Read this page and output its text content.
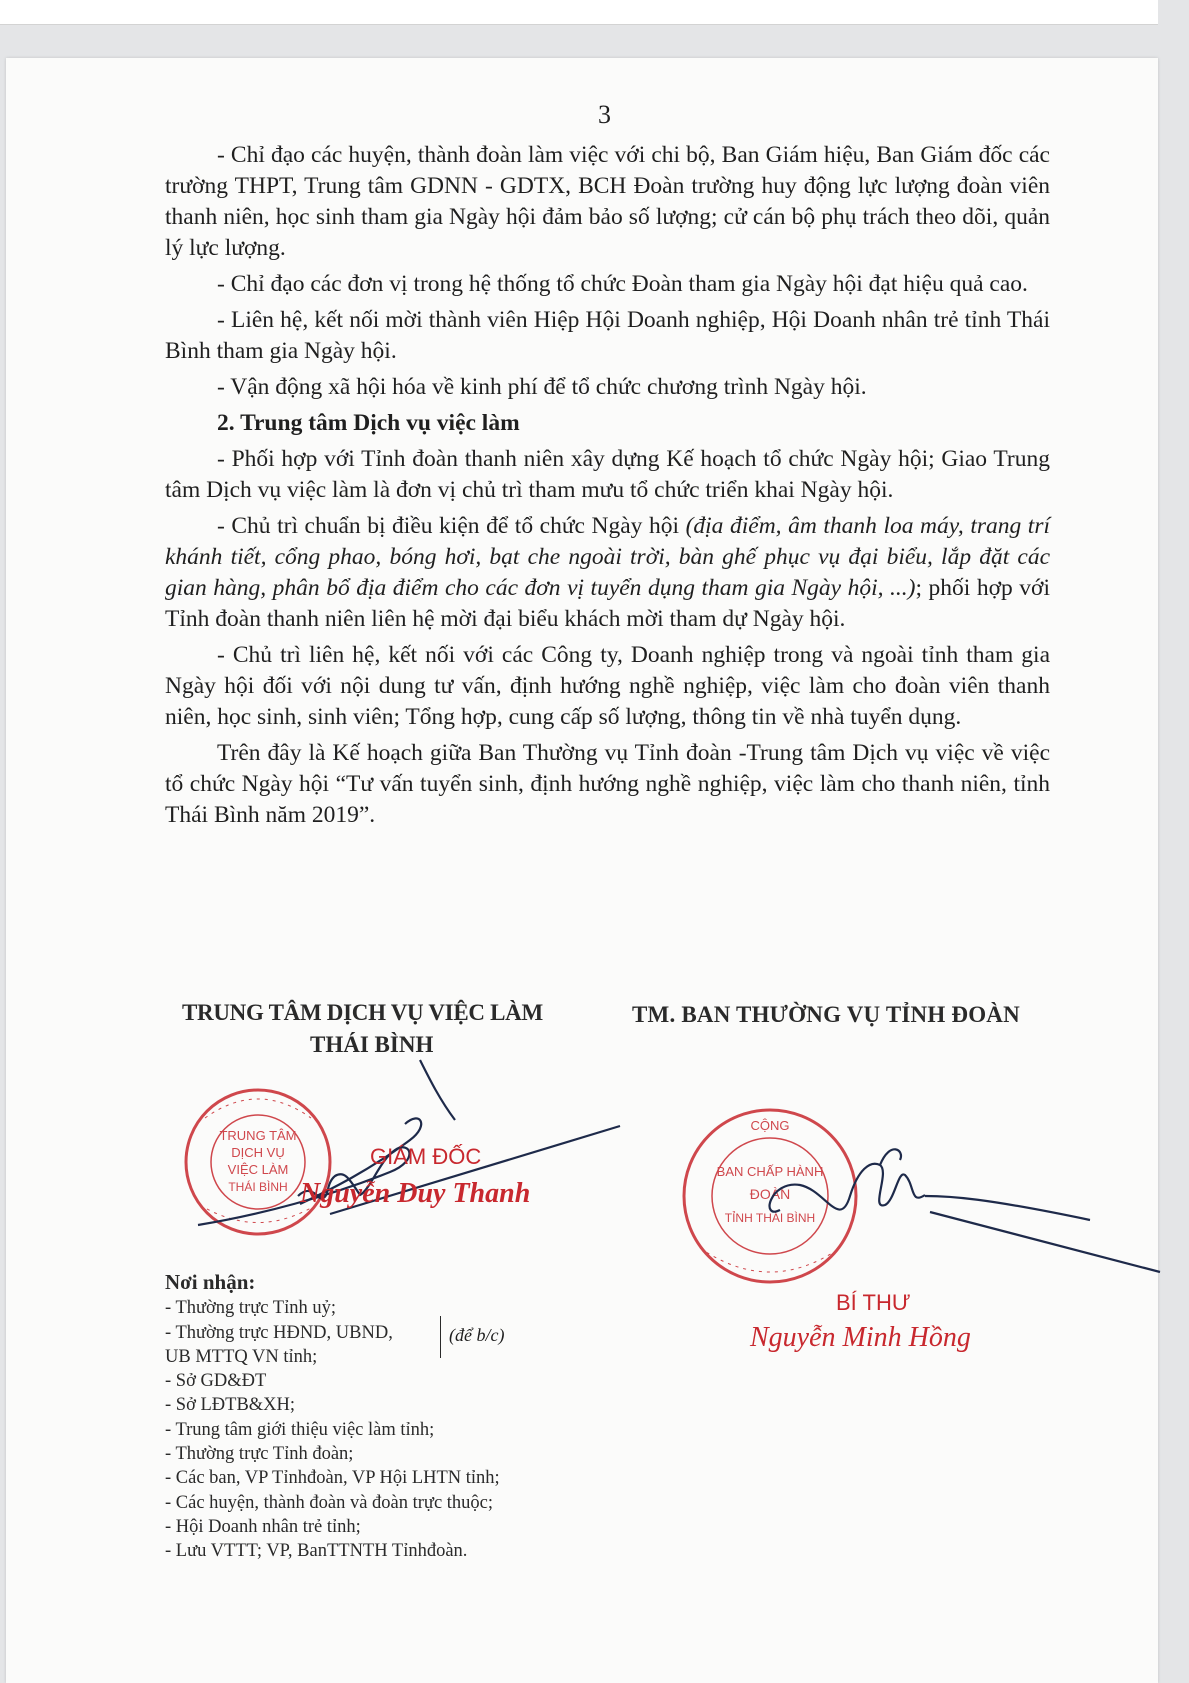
3

- Chỉ đạo các huyện, thành đoàn làm việc với chi bộ, Ban Giám hiệu, Ban Giám đốc các trường THPT, Trung tâm GDNN - GDTX, BCH Đoàn trường huy động lực lượng đoàn viên thanh niên, học sinh tham gia Ngày hội đảm bảo số lượng; cử cán bộ phụ trách theo dõi, quản lý lực lượng.

- Chỉ đạo các đơn vị trong hệ thống tổ chức Đoàn tham gia Ngày hội đạt hiệu quả cao.

- Liên hệ, kết nối mời thành viên Hiệp Hội Doanh nghiệp, Hội Doanh nhân trẻ tỉnh Thái Bình tham gia Ngày hội.

- Vận động xã hội hóa về kinh phí để tổ chức chương trình Ngày hội.

2. Trung tâm Dịch vụ việc làm

- Phối hợp với Tỉnh đoàn thanh niên xây dựng Kế hoạch tổ chức Ngày hội; Giao Trung tâm Dịch vụ việc làm là đơn vị chủ trì tham mưu tổ chức triển khai Ngày hội.

- Chủ trì chuẩn bị điều kiện để tổ chức Ngày hội (địa điểm, âm thanh loa máy, trang trí khánh tiết, cổng phao, bóng hơi, bạt che ngoài trời, bàn ghế phục vụ đại biểu, lắp đặt các gian hàng, phân bổ địa điểm cho các đơn vị tuyển dụng tham gia Ngày hội, ...); phối hợp với Tỉnh đoàn thanh niên liên hệ mời đại biểu khách mời tham dự Ngày hội.

- Chủ trì liên hệ, kết nối với các Công ty, Doanh nghiệp trong và ngoài tỉnh tham gia Ngày hội đối với nội dung tư vấn, định hướng nghề nghiệp, việc làm cho đoàn viên thanh niên, học sinh, sinh viên; Tổng hợp, cung cấp số lượng, thông tin về nhà tuyển dụng.

Trên đây là Kế hoạch giữa Ban Thường vụ Tỉnh đoàn -Trung tâm Dịch vụ việc về việc tổ chức Ngày hội “Tư vấn tuyển sinh, định hướng nghề nghiệp, việc làm cho thanh niên, tỉnh Thái Bình năm 2019”.

TRUNG TÂM
DỊCH VỤ
VIỆC LÀM
THÁI BÌNH
CỘNG
BAN CHẤP HÀNH
ĐOÀN
TỈNH THÁI BÌNH
TRUNG TÂM DỊCH VỤ VIỆC LÀM
THÁI BÌNH
TM. BAN THƯỜNG VỤ TỈNH ĐOÀN
GIÁM ĐỐC
Nguyễn Duy Thanh
BÍ THƯ
Nguyễn Minh Hồng
Nơi nhận:
- Thường trực Tỉnh uỷ;
- Thường trực HĐND, UBND,
UB MTTQ VN tỉnh;
- Sở GD&ĐT
- Sở LĐTB&XH;
- Trung tâm giới thiệu việc làm tỉnh;
- Thường trực Tỉnh đoàn;
- Các ban, VP Tỉnhđoàn, VP Hội LHTN tỉnh;
- Các huyện, thành đoàn và đoàn trực thuộc;
- Hội Doanh nhân trẻ tỉnh;
- Lưu VTTT; VP, BanTTNTH Tỉnhđoàn.
(để b/c)
